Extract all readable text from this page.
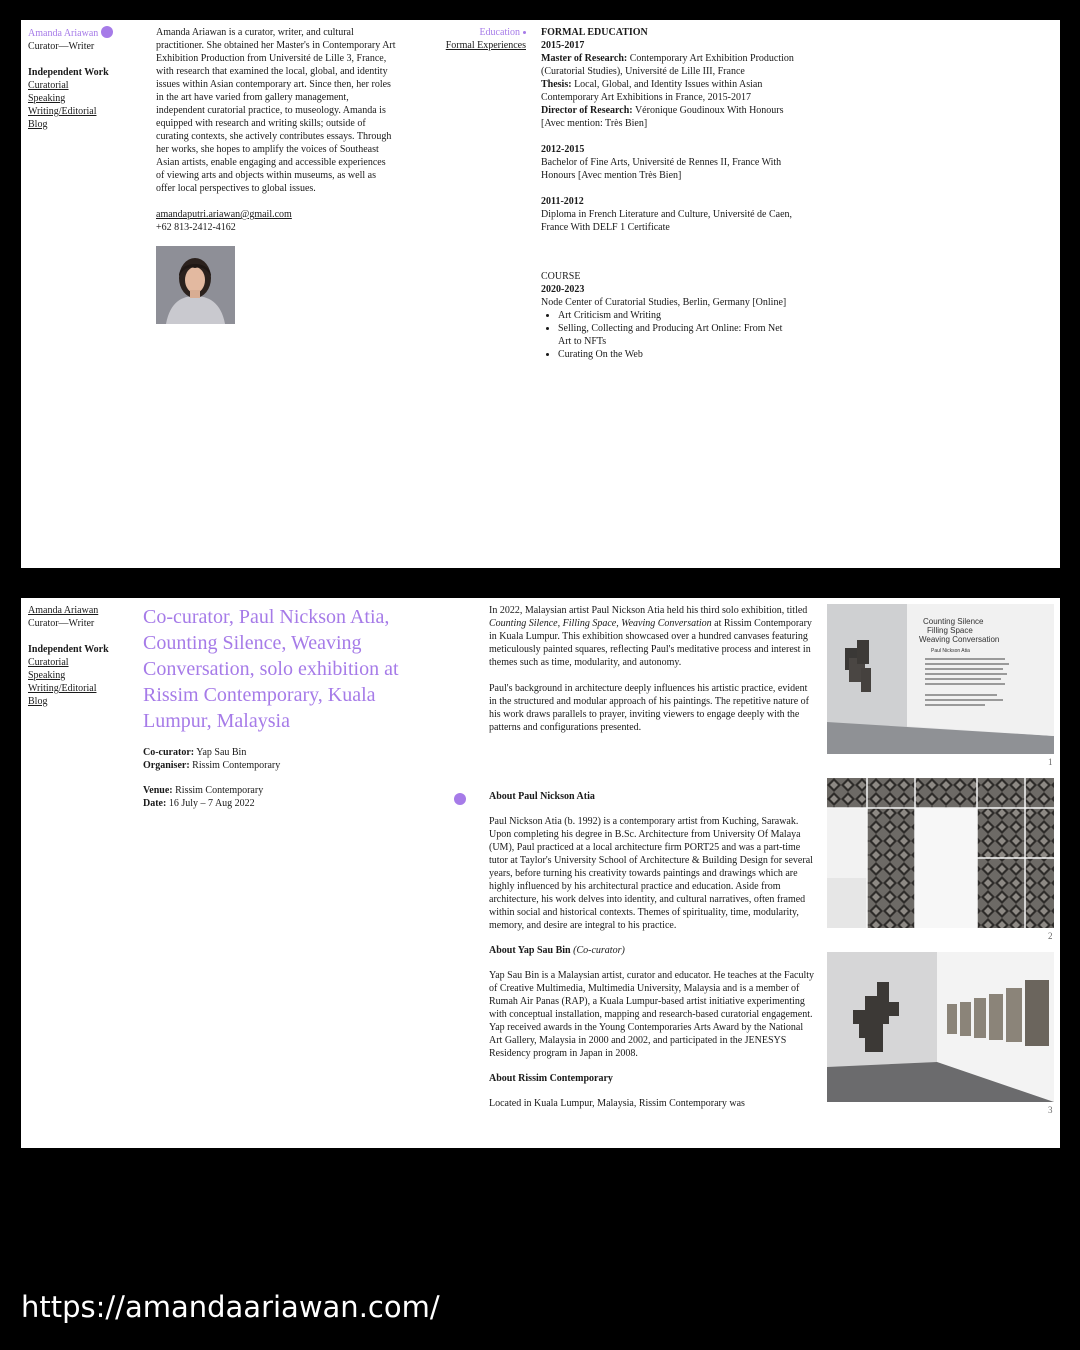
Amanda Ariawan
Curator—Writer
Independent Work
Curatorial
Speaking
Writing/Editorial
Blog

Amanda Ariawan is a curator, writer, and cultural practitioner. She obtained her Master's in Contemporary Art Exhibition Production from Université de Lille 3, France, with research that examined the local, global, and identity issues within Asian contemporary art. Since then, her roles in the art have varied from gallery management, independent curatorial practice, to museology. Amanda is equipped with research and writing skills; outside of curating contexts, she actively contributes essays. Through her works, she hopes to amplify the voices of Southeast Asian artists, enable engaging and accessible experiences of viewing arts and objects within museums, as well as offer local perspectives to global issues.

amandaputri.ariawan@gmail.com
+62 813-2412-4162
Education
Formal Experiences
FORMAL EDUCATION
2015-2017
Master of Research: Contemporary Art Exhibition Production (Curatorial Studies), Université de Lille III, France
Thesis: Local, Global, and Identity Issues within Asian Contemporary Art Exhibitions in France, 2015-2017
Director of Research: Véronique Goudinoux With Honours [Avec mention: Très Bien]
2012-2015
Bachelor of Fine Arts, Université de Rennes II, France With Honours [Avec mention Très Bien]
2011-2012
Diploma in French Literature and Culture, Université de Caen, France With DELF 1 Certificate
COURSE
2020-2023
Node Center of Curatorial Studies, Berlin, Germany [Online]
• Art Criticism and Writing
• Selling, Collecting and Producing Art Online: From Net Art to NFTs
• Curating On the Web
Amanda Ariawan
Curator—Writer
Independent Work
Curatorial
Speaking
Writing/Editorial
Blog
Co-curator, Paul Nickson Atia, Counting Silence, Weaving Conversation, solo exhibition at Rissim Contemporary, Kuala Lumpur, Malaysia
Co-curator: Yap Sau Bin
Organiser: Rissim Contemporary
Venue: Rissim Contemporary
Date: 16 July – 7 Aug 2022

In 2022, Malaysian artist Paul Nickson Atia held his third solo exhibition, titled Counting Silence, Filling Space, Weaving Conversation at Rissim Contemporary in Kuala Lumpur. This exhibition showcased over a hundred canvases featuring meticulously painted squares, reflecting Paul's meditative process and interest in themes such as time, modularity, and autonomy.

Paul's background in architecture deeply influences his artistic practice, evident in the structured and modular approach of his paintings. The repetitive nature of his work draws parallels to prayer, inviting viewers to engage deeply with the patterns and configurations presented.

About Paul Nickson Atia

Paul Nickson Atia (b. 1992) is a contemporary artist from Kuching, Sarawak. Upon completing his degree in B.Sc. Architecture from University Of Malaya (UM), Paul practiced at a local architecture firm PORT25 and was a part-time tutor at Taylor's University School of Architecture & Building Design for several years, before turning his creativity towards paintings and drawings which are highly influenced by his architectural practice and education. Aside from architecture, his work delves into identity, and cultural narratives, often framed within social and historical contexts. Themes of spirituality, time, modularity, memory, and desire are integral to his practice.

About Yap Sau Bin (Co-curator)

Yap Sau Bin is a Malaysian artist, curator and educator. He teaches at the Faculty of Creative Multimedia, Multimedia University, Malaysia and is a member of Rumah Air Panas (RAP), a Kuala Lumpur-based artist initiative experimenting with conceptual installation, mapping and research-based curatorial engagement. Yap received awards in the Young Contemporaries Arts Award by the National Art Gallery, Malaysia in 2000 and 2002, and participated in the JENESYS Residency program in Japan in 2008.

About Rissim Contemporary

Located in Kuala Lumpur, Malaysia, Rissim Contemporary was

Counting Silence
Filling Space
Weaving Conversation
Paul Nickson Atia
1
2
3
https://amandaariawan.com/
